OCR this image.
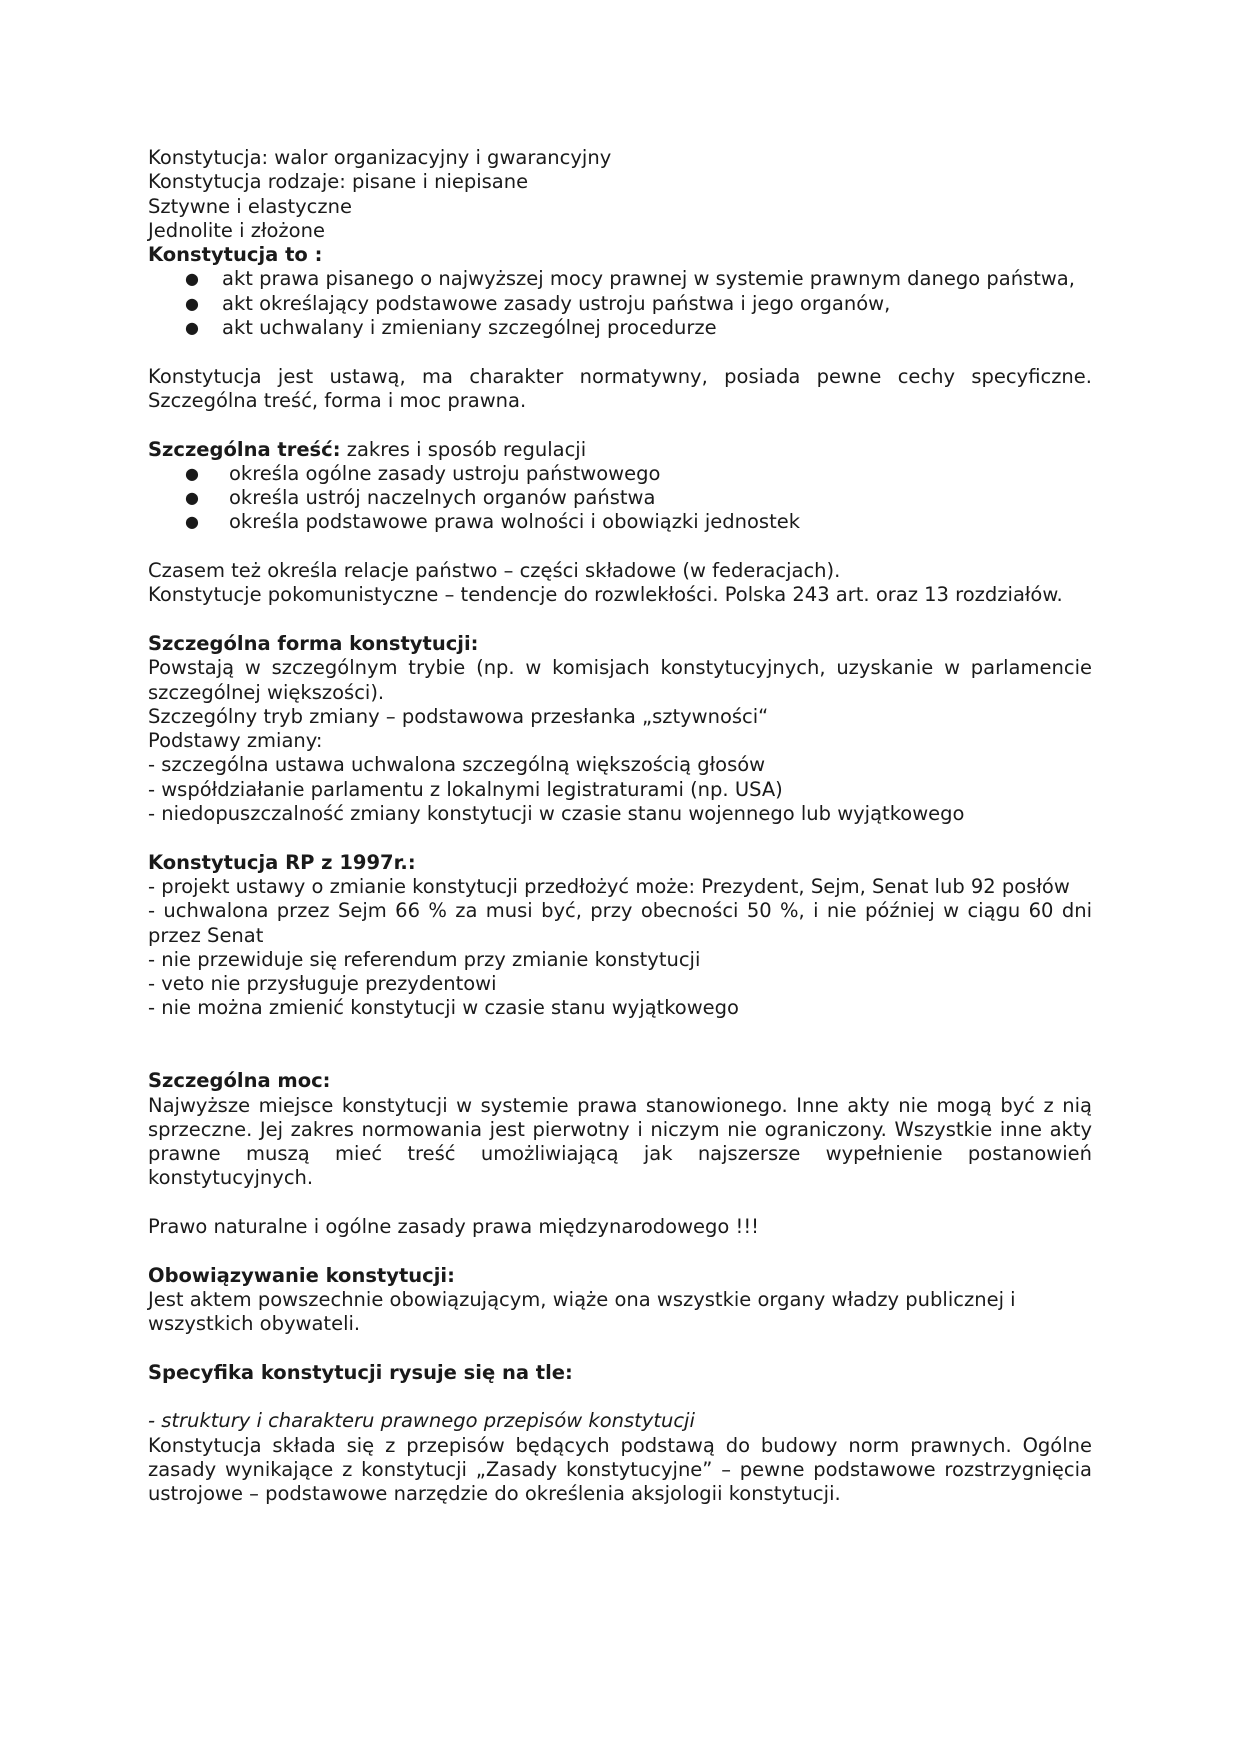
Konstytucja: walor organizacyjny i gwarancyjny

Konstytucja rodzaje: pisane i niepisane

Sztywne i elastyczne

Jednolite i złożone

Konstytucja to :

● akt prawa pisanego o najwyższej mocy prawnej w systemie prawnym danego państwa,
● akt określający podstawowe zasady ustroju państwa i jego organów,
● akt uchwalany i zmieniany szczególnej procedurze

Konstytucja jest ustawą, ma charakter normatywny, posiada pewne cechy specyficzne. Szczególna treść, forma i moc prawna.

Szczególna treść: zakres i sposób regulacji

● określa ogólne zasady ustroju państwowego
● określa ustrój naczelnych organów państwa
● określa podstawowe prawa wolności i obowiązki jednostek

Czasem też określa relacje państwo – części składowe (w federacjach).

Konstytucje pokomunistyczne – tendencje do rozwlekłości. Polska 243 art. oraz 13 rozdziałów.

Szczególna forma konstytucji:

Powstają w szczególnym trybie (np. w komisjach konstytucyjnych, uzyskanie w parlamencie szczególnej większości).

Szczególny tryb zmiany – podstawowa przesłanka „sztywności“

Podstawy zmiany:

- szczególna ustawa uchwalona szczególną większością głosów

- współdziałanie parlamentu z lokalnymi legistraturami (np. USA)

- niedopuszczalność zmiany konstytucji w czasie stanu wojennego lub wyjątkowego

Konstytucja RP z 1997r.:

- projekt ustawy o zmianie konstytucji przedłożyć może: Prezydent, Sejm, Senat lub 92 posłów

- uchwalona przez Sejm 66 % za musi być, przy obecności 50 %, i nie później w ciągu 60 dni przez Senat

- nie przewiduje się referendum przy zmianie konstytucji

- veto nie przysługuje prezydentowi

- nie można zmienić konstytucji w czasie stanu wyjątkowego

Szczególna moc:

Najwyższe miejsce konstytucji w systemie prawa stanowionego. Inne akty nie mogą być z nią sprzeczne. Jej zakres normowania jest pierwotny i niczym nie ograniczony. Wszystkie inne akty prawne muszą mieć treść umożliwiającą jak najszersze wypełnienie postanowień konstytucyjnych.

Prawo naturalne i ogólne zasady prawa międzynarodowego !!!

Obowiązywanie konstytucji:

Jest aktem powszechnie obowiązującym, wiąże ona wszystkie organy władzy publicznej i wszystkich obywateli.

Specyfika konstytucji rysuje się na tle:

- struktury i charakteru prawnego przepisów konstytucji

Konstytucja składa się z przepisów będących podstawą do budowy norm prawnych. Ogólne zasady wynikające z konstytucji „Zasady konstytucyjne” – pewne podstawowe rozstrzygnięcia ustrojowe – podstawowe narzędzie do określenia aksjologii konstytucji.
